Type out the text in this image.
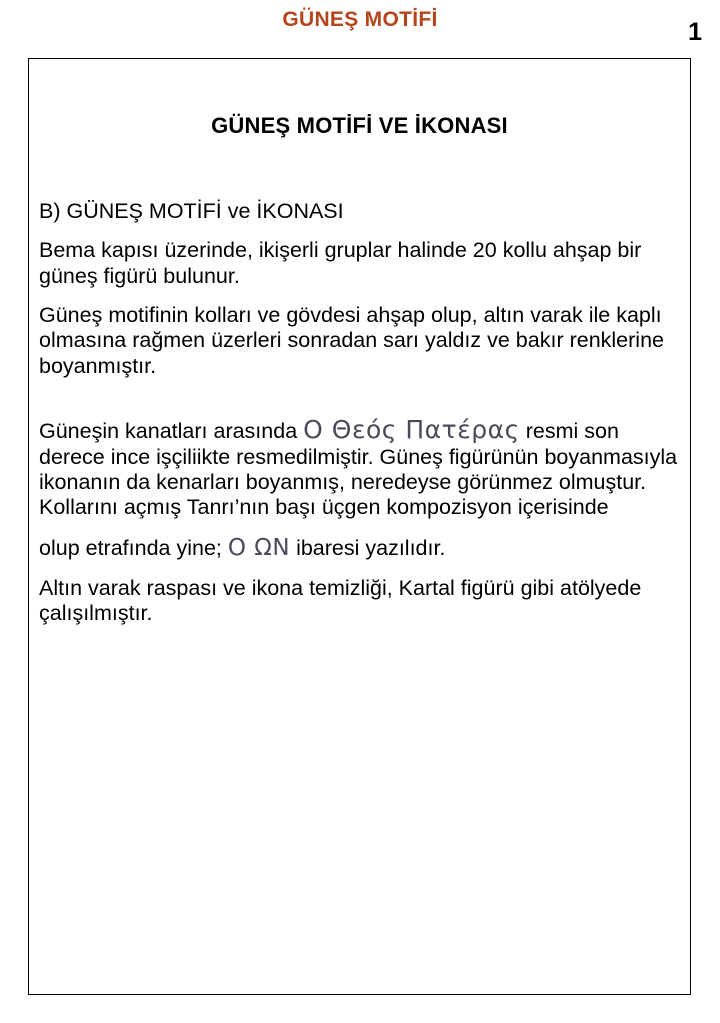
GÜNEŞ MOTİFİ	1
GÜNEŞ MOTİFİ VE İKONASI

B) GÜNEŞ MOTİFİ ve İKONASI

Bema kapısı üzerinde, ikişerli gruplar halinde 20 kollu ahşap bir güneş figürü bulunur.

Güneş motifinin kolları ve gövdesi ahşap olup, altın varak ile kaplı olmasına rağmen üzerleri sonradan sarı yaldız ve bakır renklerine boyanmıştır.

Güneşin kanatları arasında Ο Θεός Πατέρας resmi son derece ince işçiliikte resmedilmiştir. Güneş figürünün boyanmasıyla ikonanın da kenarları boyanmış, neredeyse görünmez olmuştur. Kollarını açmış Tanrı’nın başı üçgen kompozisyon içerisinde

olup etrafında yine; Ο ΩΝ ibaresi yazılıdır.

Altın varak raspası ve ikona temizliği, Kartal figürü gibi atölyede çalışılmıştır.
